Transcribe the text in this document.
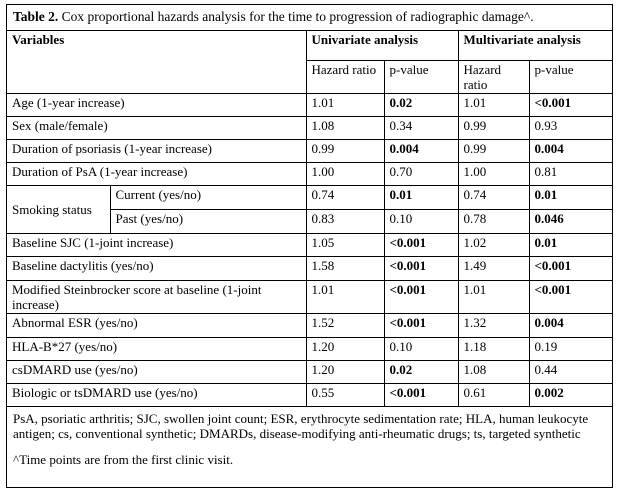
Table 2. Cox proportional hazards analysis for the time to progression of radiographic damage^.
Variables		Univariate analysis		Multivariate analysis	
		Hazard ratio	p-value	Hazard ratio	p-value
Age (1-year increase)		1.01	0.02	1.01	<0.001
Sex (male/female)		1.08	0.34	0.99	0.93
Duration of psoriasis (1-year increase)		0.99	0.004	0.99	0.004
Duration of PsA (1-year increase)		1.00	0.70	1.00	0.81
Smoking status	Current (yes/no)	0.74	0.01	0.74	0.01
	Past (yes/no)	0.83	0.10	0.78	0.046
Baseline SJC (1-joint increase)		1.05	<0.001	1.02	0.01
Baseline dactylitis (yes/no)		1.58	<0.001	1.49	<0.001
Modified Steinbrocker score at baseline (1-joint increase)		1.01	<0.001	1.01	<0.001
Abnormal ESR (yes/no)		1.52	<0.001	1.32	0.004
HLA-B*27 (yes/no)		1.20	0.10	1.18	0.19
csDMARD use (yes/no)		1.20	0.02	1.08	0.44
Biologic or tsDMARD use (yes/no)		0.55	<0.001	0.61	0.002

PsA, psoriatic arthritis; SJC, swollen joint count; ESR, erythrocyte sedimentation rate; HLA, human leukocyte antigen; cs, conventional synthetic; DMARDs, disease-modifying anti-rheumatic drugs; ts, targeted synthetic

^Time points are from the first clinic visit.
